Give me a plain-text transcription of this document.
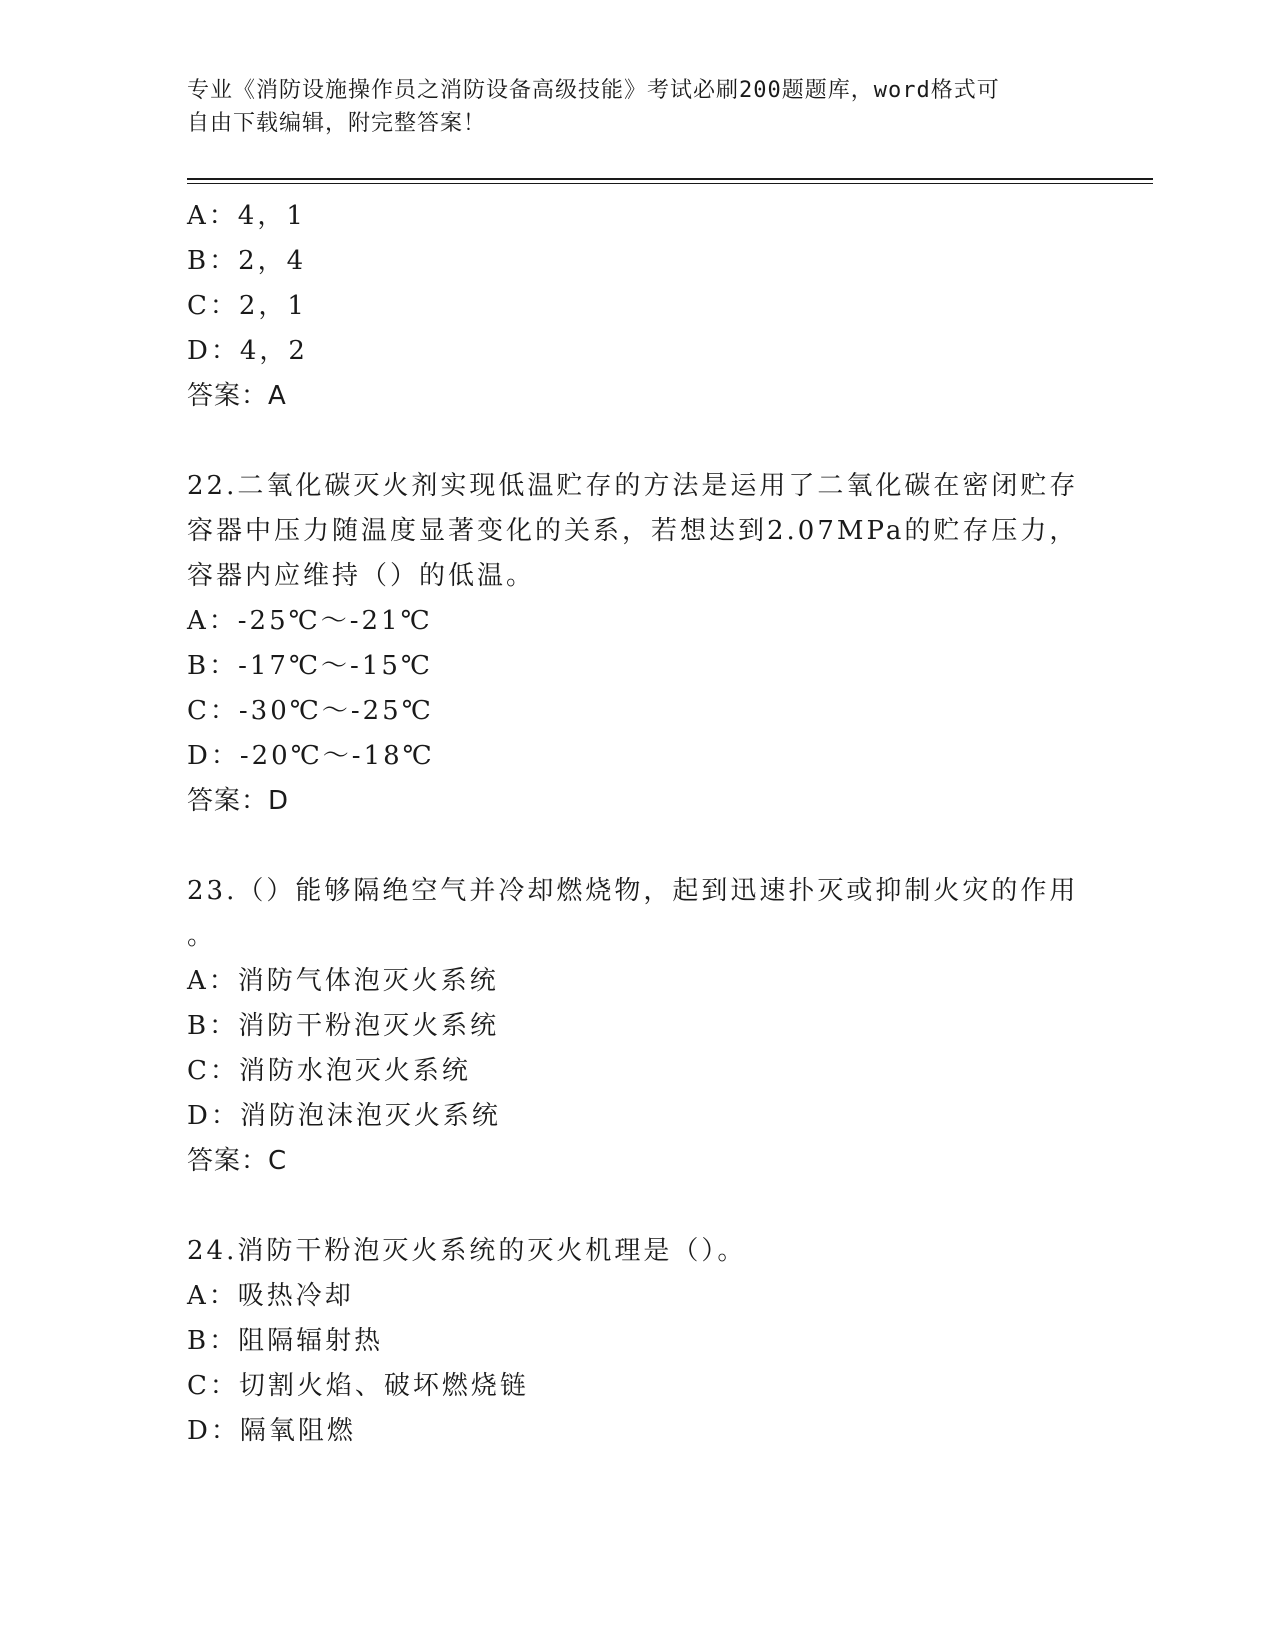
专业《消防设施操作员之消防设备高级技能》考试必刷200题题库，word格式可
自由下载编辑，附完整答案！
A：4，1
B：2，4
C：2，1
D：4，2
答案：A
22.二氧化碳灭火剂实现低温贮存的方法是运用了二氧化碳在密闭贮存
容器中压力随温度显著变化的关系，若想达到2.07MPa的贮存压力，
容器内应维持（）的低温。
A：-25℃～-21℃
B：-17℃～-15℃
C：-30℃～-25℃
D：-20℃～-18℃
答案：D
23.（）能够隔绝空气并冷却燃烧物，起到迅速扑灭或抑制火灾的作用
。
A：消防气体泡灭火系统
B：消防干粉泡灭火系统
C：消防水泡灭火系统
D：消防泡沫泡灭火系统
答案：C
24.消防干粉泡灭火系统的灭火机理是（）。
A：吸热冷却
B：阻隔辐射热
C：切割火焰、破坏燃烧链
D：隔氧阻燃
